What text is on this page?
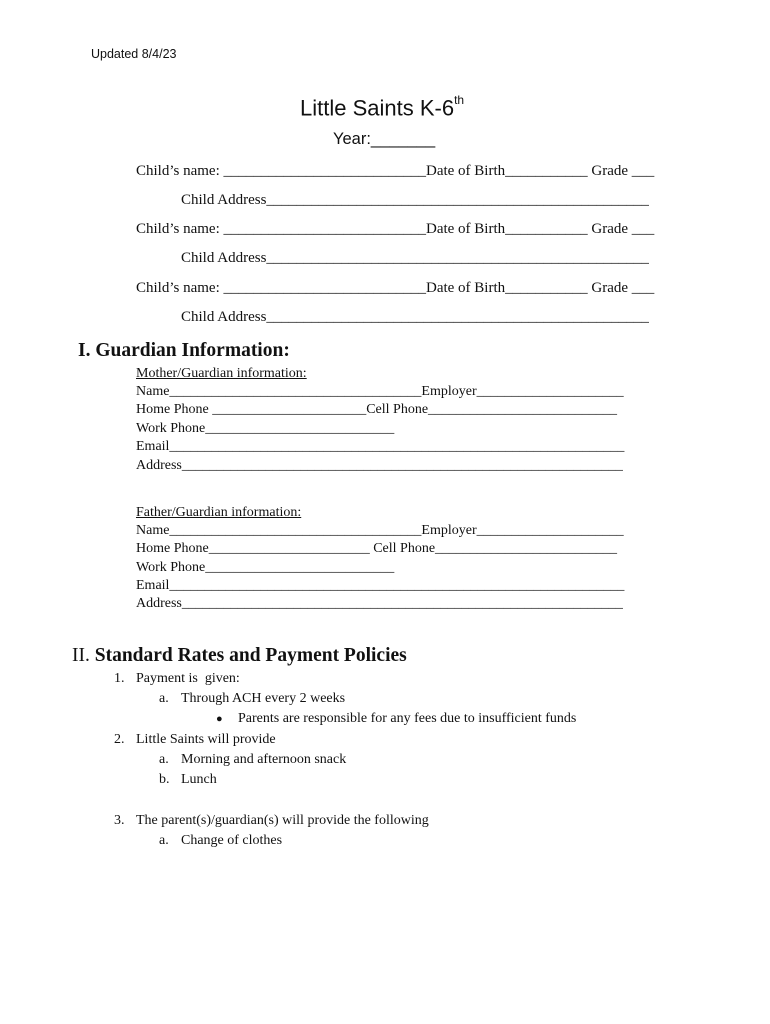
Updated 8/4/23
Little Saints K-6th
Year:_______
Child’s name: ___________________________Date of Birth___________ Grade ___
Child Address___________________________________________________
Child’s name: ___________________________Date of Birth___________ Grade ___
Child Address___________________________________________________
Child’s name: ___________________________Date of Birth___________ Grade ___
Child Address___________________________________________________
I. Guardian Information:
Mother/Guardian information:
Name____________________________________Employer_____________________
Home Phone ______________________Cell Phone___________________________
Work Phone___________________________
Email_________________________________________________________________
Address_______________________________________________________________
Father/Guardian information:
Name____________________________________Employer_____________________
Home Phone_______________________ Cell Phone__________________________
Work Phone___________________________
Email_________________________________________________________________
Address_______________________________________________________________
II. Standard Rates and Payment Policies
1. Payment is  given:
a. Through ACH every 2 weeks
● Parents are responsible for any fees due to insufficient funds
2. Little Saints will provide
a. Morning and afternoon snack
b. Lunch
3. The parent(s)/guardian(s) will provide the following
a. Change of clothes
